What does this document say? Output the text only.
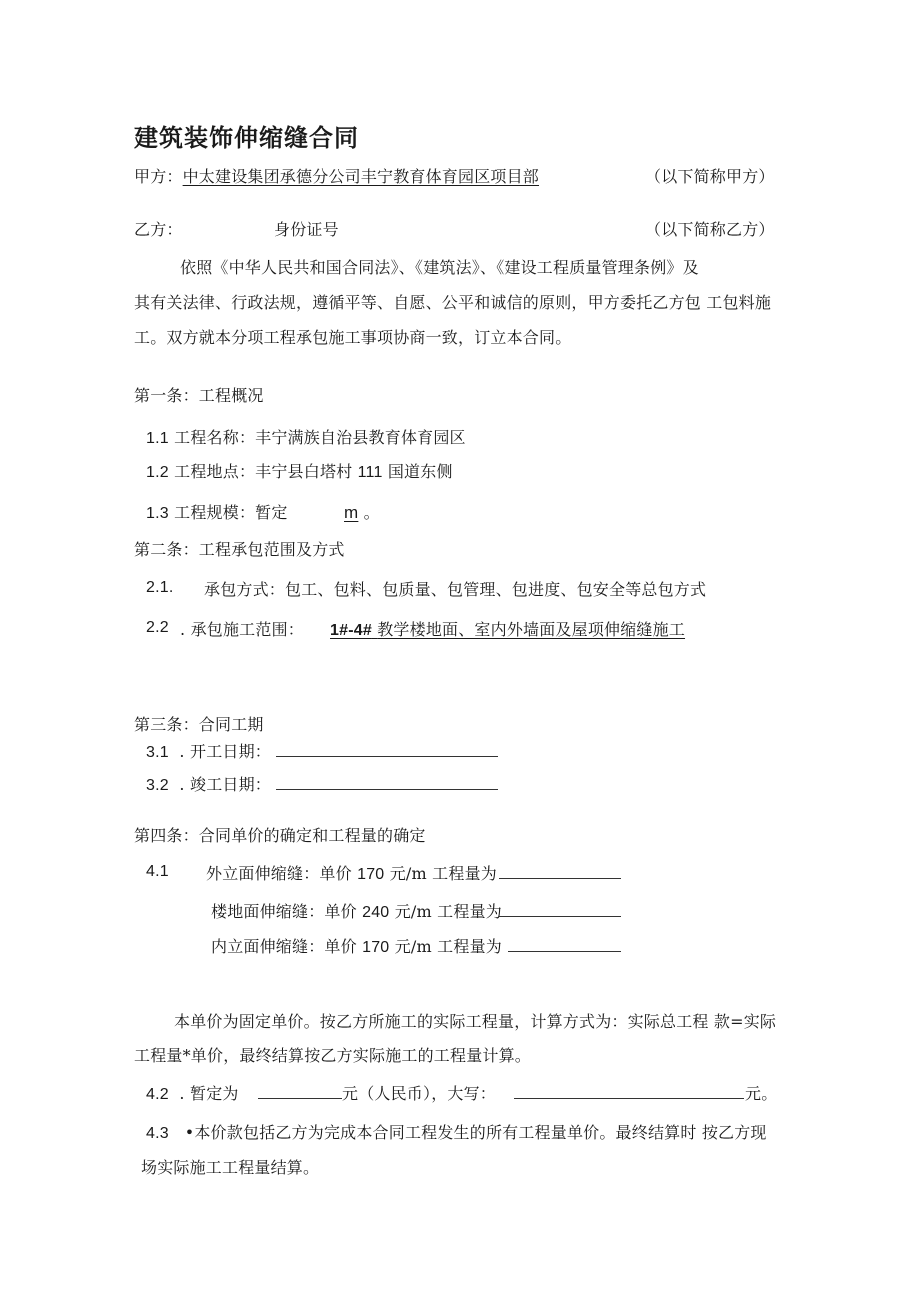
建筑装饰伸缩缝合同
甲方：中太建设集团承德分公司丰宁教育体育园区项目部	（以下简称甲方）
乙方：	身份证号	（以下简称乙方）
依照《中华人民共和国合同法》、《建筑法》、《建设工程质量管理条例》及
其有关法律、行政法规，遵循平等、自愿、公平和诚信的原则，甲方委托乙方包 工包料施
工。双方就本分项工程承包施工事项协商一致，订立本合同。
第一条：工程概况
1.1 工程名称：丰宁满族自治县教育体育园区
1.2 工程地点：丰宁县白塔村 111 国道东侧
1.3 工程规模：暂定	m 。
第二条：工程承包范围及方式
2.1. 承包方式：包工、包料、包质量、包管理、包进度、包安全等总包方式
2.2 . 承包施工范围： 1#-4# 教学楼地面、室内外墙面及屋项伸缩缝施工
第三条：合同工期
3.1 . 开工日期：
3.2 . 竣工日期：
第四条：合同单价的确定和工程量的确定
4.1 外立面伸缩缝：单价 170 元/m 工程量为
楼地面伸缩缝：单价 240 元/m 工程量为
内立面伸缩缝：单价 170 元/m 工程量为
本单价为固定单价。按乙方所施工的实际工程量，计算方式为：实际总工程 款=实际
工程量*单价，最终结算按乙方实际施工的工程量计算。
4.2 . 暂定为	元（人民币），大写：	元。
4.3 •本价款包括乙方为完成本合同工程发生的所有工程量单价。最终结算时 按乙方现
场实际施工工程量结算。
